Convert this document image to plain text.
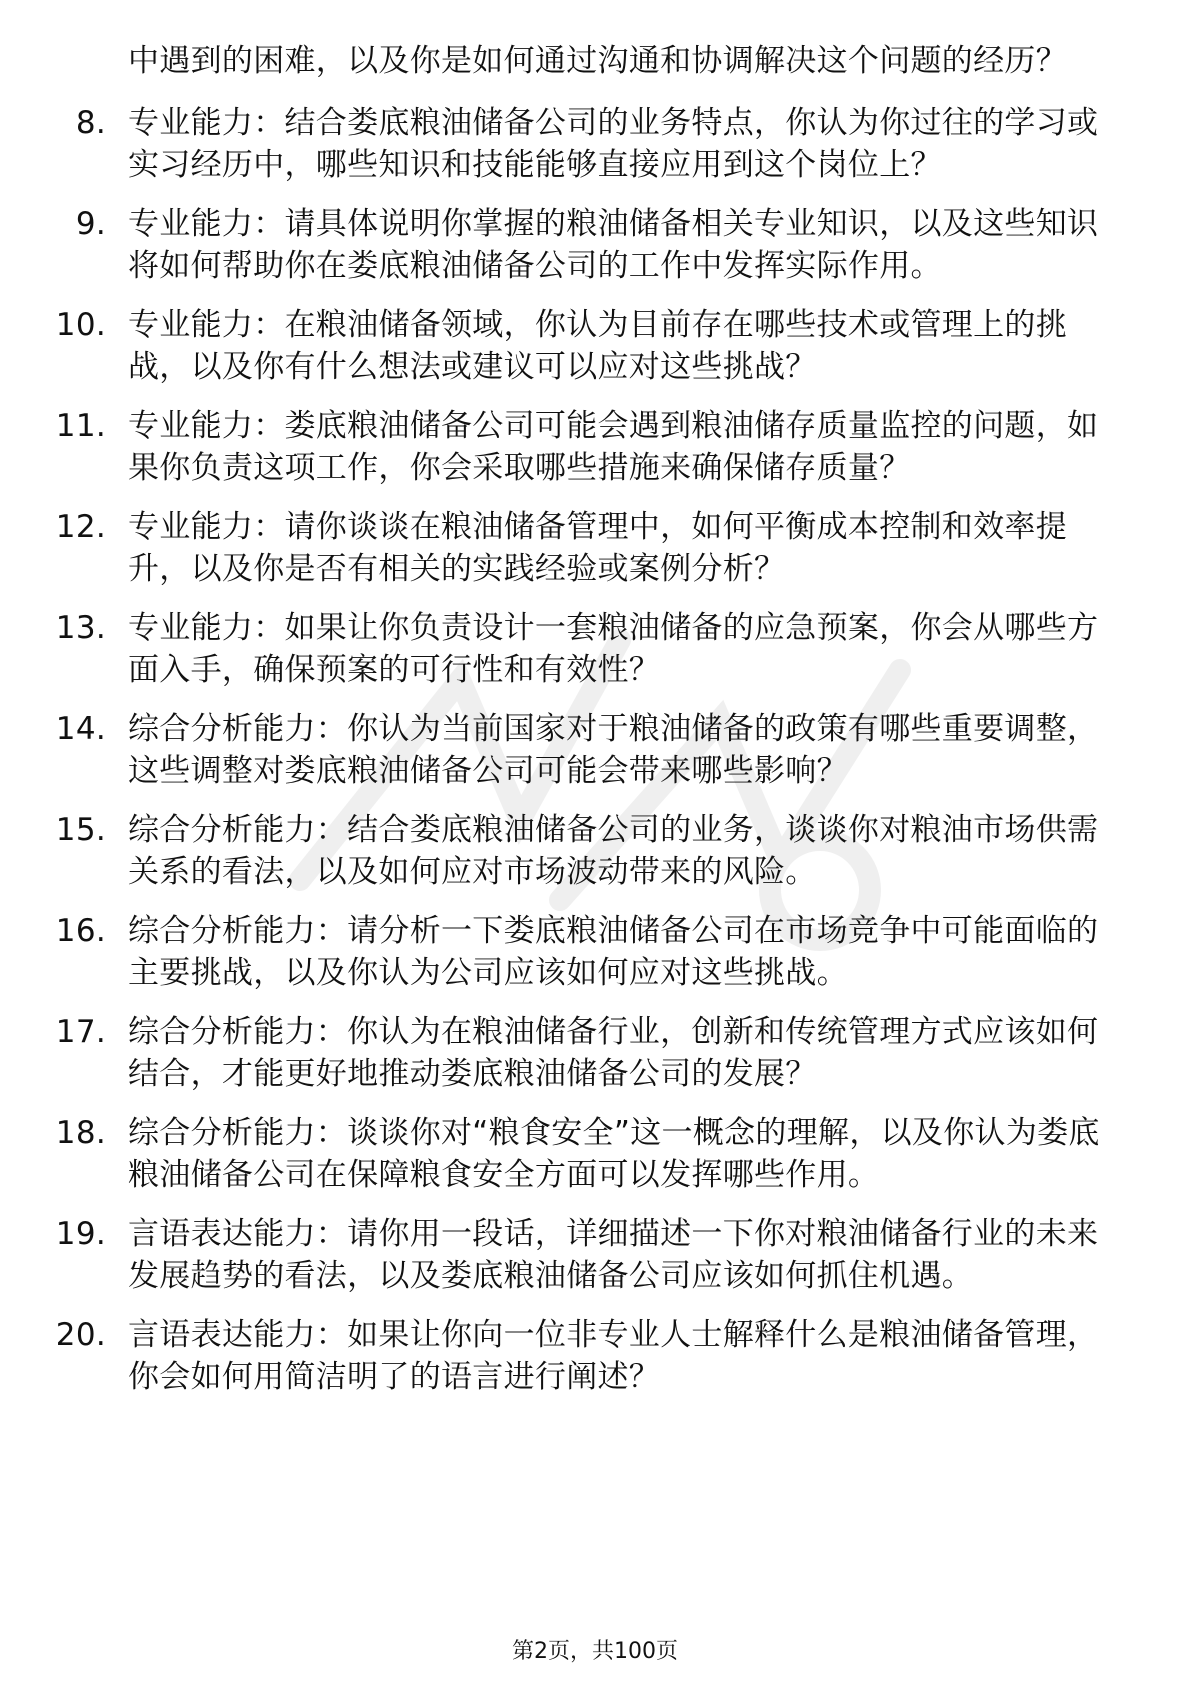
中遇到的困难，以及你是如何通过沟通和协调解决这个问题的经历？
8. 专业能力：结合娄底粮油储备公司的业务特点，你认为你过往的学习或实习经历中，哪些知识和技能能够直接应用到这个岗位上？
9. 专业能力：请具体说明你掌握的粮油储备相关专业知识，以及这些知识将如何帮助你在娄底粮油储备公司的工作中发挥实际作用。
10. 专业能力：在粮油储备领域，你认为目前存在哪些技术或管理上的挑战，以及你有什么想法或建议可以应对这些挑战？
11. 专业能力：娄底粮油储备公司可能会遇到粮油储存质量监控的问题，如果你负责这项工作，你会采取哪些措施来确保储存质量？
12. 专业能力：请你谈谈在粮油储备管理中，如何平衡成本控制和效率提升，以及你是否有相关的实践经验或案例分析？
13. 专业能力：如果让你负责设计一套粮油储备的应急预案，你会从哪些方面入手，确保预案的可行性和有效性？
14. 综合分析能力：你认为当前国家对于粮油储备的政策有哪些重要调整，这些调整对娄底粮油储备公司可能会带来哪些影响？
15. 综合分析能力：结合娄底粮油储备公司的业务，谈谈你对粮油市场供需关系的看法，以及如何应对市场波动带来的风险。
16. 综合分析能力：请分析一下娄底粮油储备公司在市场竞争中可能面临的主要挑战，以及你认为公司应该如何应对这些挑战。
17. 综合分析能力：你认为在粮油储备行业，创新和传统管理方式应该如何结合，才能更好地推动娄底粮油储备公司的发展？
18. 综合分析能力：谈谈你对“粮食安全”这一概念的理解，以及你认为娄底粮油储备公司在保障粮食安全方面可以发挥哪些作用。
19. 言语表达能力：请你用一段话，详细描述一下你对粮油储备行业的未来发展趋势的看法，以及娄底粮油储备公司应该如何抓住机遇。
20. 言语表达能力：如果让你向一位非专业人士解释什么是粮油储备管理，你会如何用简洁明了的语言进行阐述？
第2页，共100页
